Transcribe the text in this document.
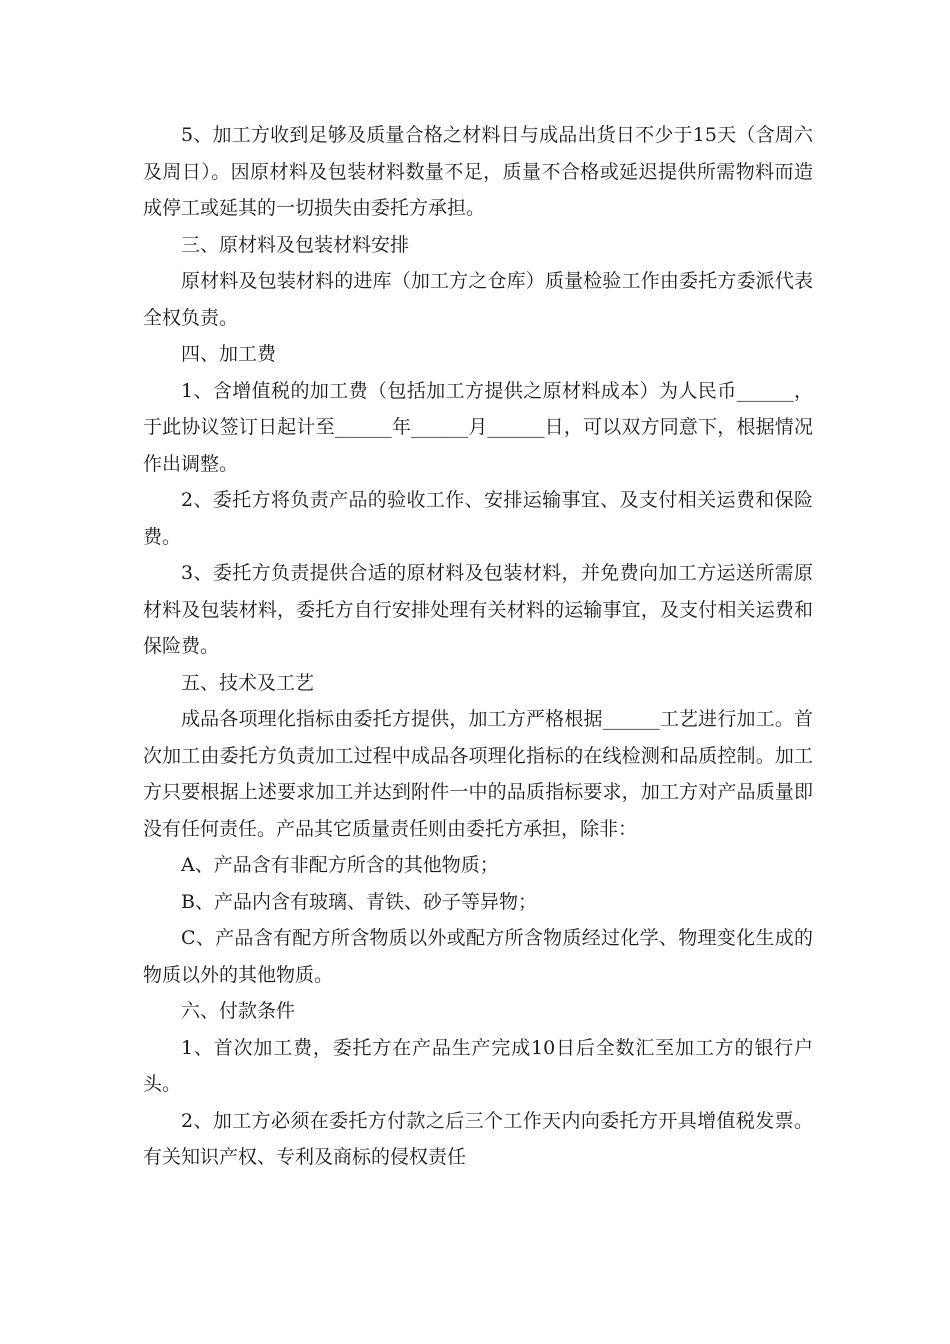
5、加工方收到足够及质量合格之材料日与成品出货日不少于15天（含周六及周日）。因原材料及包装材料数量不足，质量不合格或延迟提供所需物料而造成停工或延其的一切损失由委托方承担。

三、原材料及包装材料安排

原材料及包装材料的进库（加工方之仓库）质量检验工作由委托方委派代表全权负责。

四、加工费

1、含增值税的加工费（包括加工方提供之原材料成本）为人民币______，于此协议签订日起计至______年______月______日，可以双方同意下，根据情况作出调整。

2、委托方将负责产品的验收工作、安排运输事宜、及支付相关运费和保险费。

3、委托方负责提供合适的原材料及包装材料，并免费向加工方运送所需原材料及包装材料，委托方自行安排处理有关材料的运输事宜，及支付相关运费和保险费。

五、技术及工艺

成品各项理化指标由委托方提供，加工方严格根据______工艺进行加工。首次加工由委托方负责加工过程中成品各项理化指标的在线检测和品质控制。加工方只要根据上述要求加工并达到附件一中的品质指标要求，加工方对产品质量即没有任何责任。产品其它质量责任则由委托方承担，除非：

A、产品含有非配方所含的其他物质；

B、产品内含有玻璃、青铁、砂子等异物；

C、产品含有配方所含物质以外或配方所含物质经过化学、物理变化生成的物质以外的其他物质。

六、付款条件

1、首次加工费，委托方在产品生产完成10日后全数汇至加工方的银行户头。

2、加工方必须在委托方付款之后三个工作天内向委托方开具增值税发票。有关知识产权、专利及商标的侵权责任
